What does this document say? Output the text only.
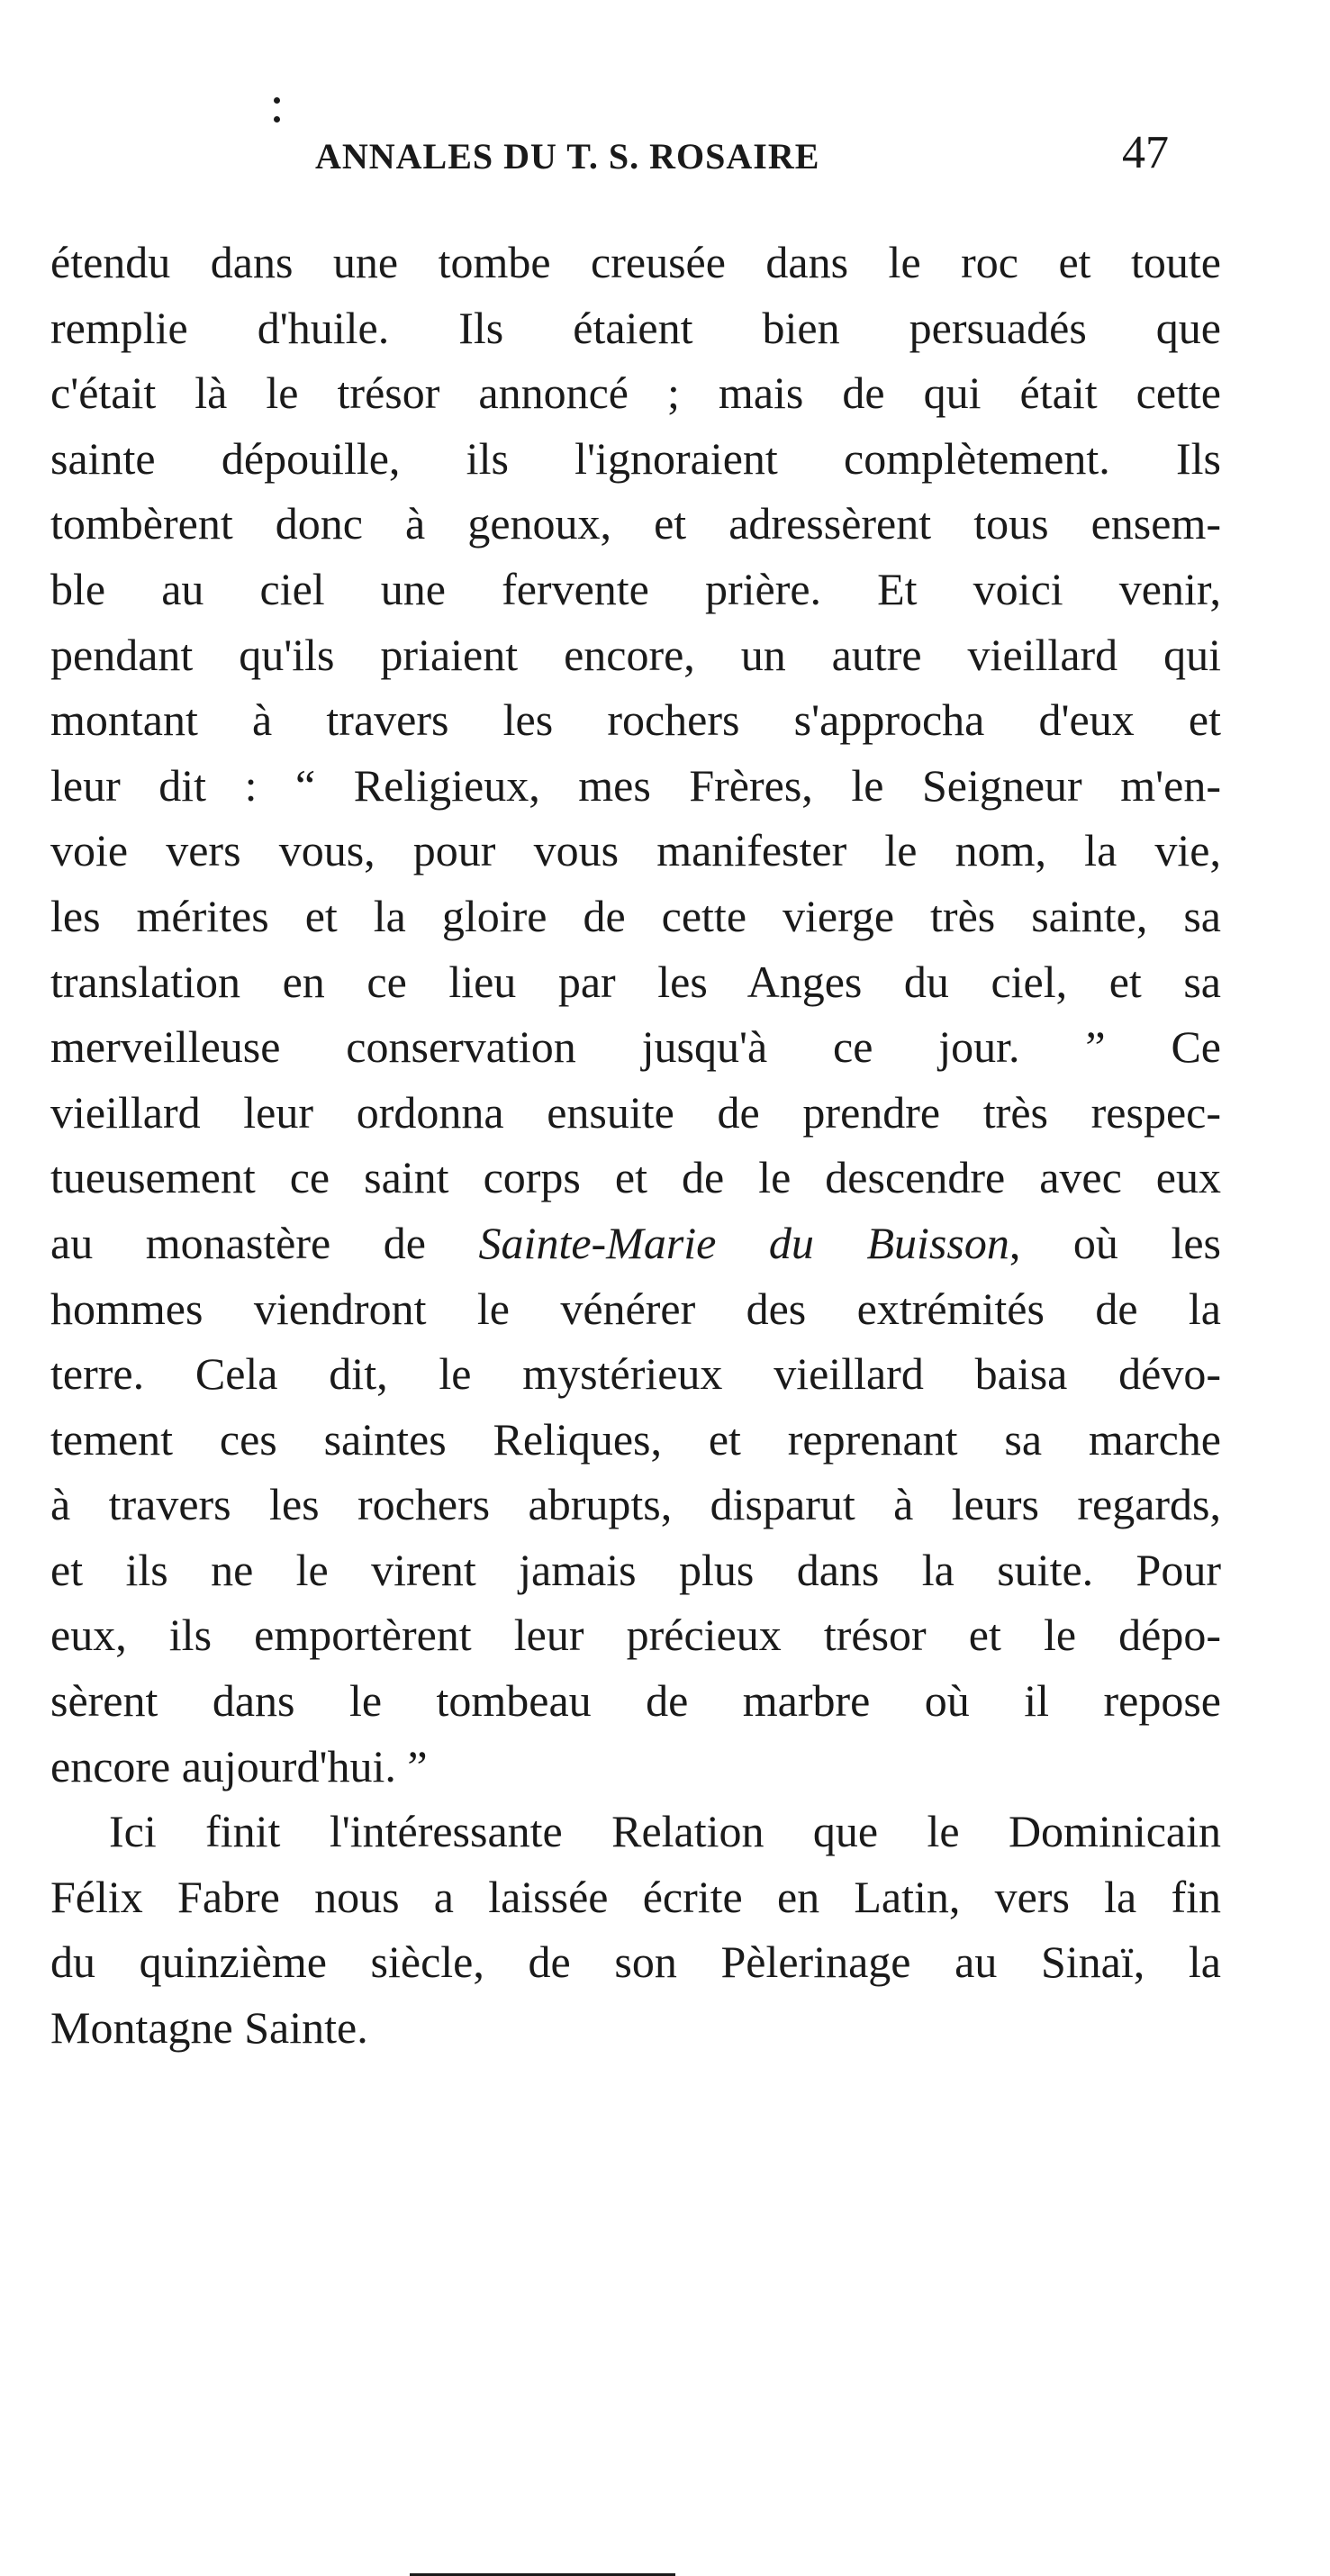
ANNALES DU T. S. ROSAIRE	47
étendu dans une tombe creusée dans le roc et toute
remplie d'huile. Ils étaient bien persuadés que
c'était là le trésor annoncé ; mais de qui était cette
sainte dépouille, ils l'ignoraient complètement. Ils
tombèrent donc à genoux, et adressèrent tous ensem-
ble au ciel une fervente prière. Et voici venir,
pendant qu'ils priaient encore, un autre vieillard qui
montant à travers les rochers s'approcha d'eux et
leur dit : “ Religieux, mes Frères, le Seigneur m'en-
voie vers vous, pour vous manifester le nom, la vie,
les mérites et la gloire de cette vierge très sainte, sa
translation en ce lieu par les Anges du ciel, et sa
merveilleuse conservation jusqu'à ce jour. ” Ce
vieillard leur ordonna ensuite de prendre très respec-
tueusement ce saint corps et de le descendre avec eux
au monastère de Sainte-Marie du Buisson, où les
hommes viendront le vénérer des extrémités de la
terre. Cela dit, le mystérieux vieillard baisa dévo-
tement ces saintes Reliques, et reprenant sa marche
à travers les rochers abrupts, disparut à leurs regards,
et ils ne le virent jamais plus dans la suite. Pour
eux, ils emportèrent leur précieux trésor et le dépo-
sèrent dans le tombeau de marbre où il repose
encore aujourd'hui. ”
Ici finit l'intéressante Relation que le Dominicain
Félix Fabre nous a laissée écrite en Latin, vers la fin
du quinzième siècle, de son Pèlerinage au Sinaï, la
Montagne Sainte.
